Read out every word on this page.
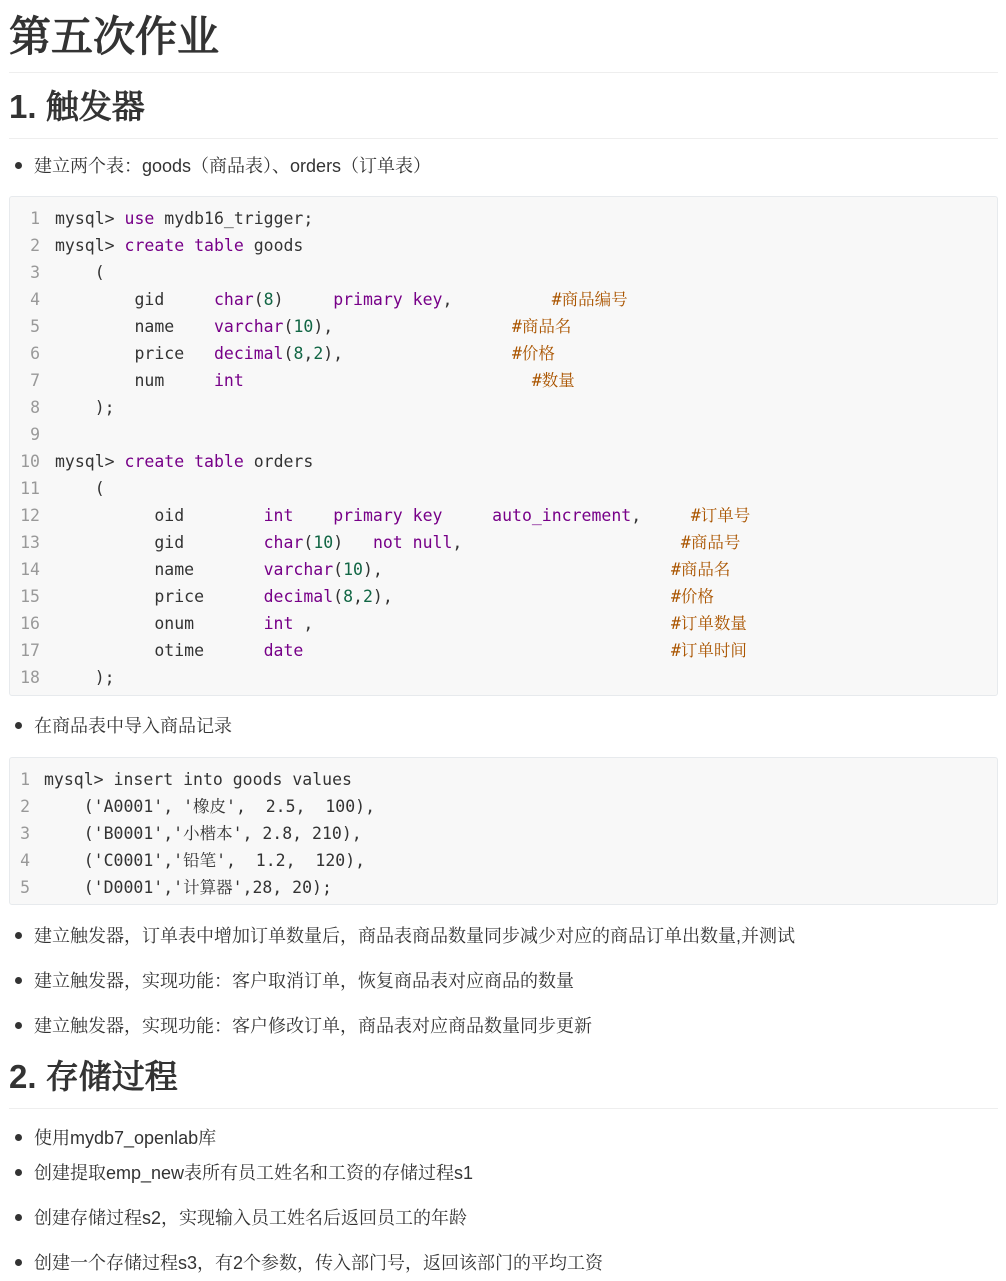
第五次作业
1. 触发器
建立两个表：goods（商品表）、orders（订单表）
1 mysql> use mydb16_trigger;
2 mysql> create table goods
3 (
4 gid     char(8)     primary key,          #商品编号
5 name    varchar(10),                  #商品名
6 price   decimal(8,2),                 #价格
7 num     int	#数量
8 );
9
10 mysql> create table orders
11 (
12 oid        int primary key	auto_increment,     #订单号
13 gid        char(10)   not null,                      #商品号
14 name       varchar(10),                             #商品名
15 price      decimal(8,2),                            #价格
16 onum       int ,                                    #订单数量
17 otime      date	#订单时间
18 );
在商品表中导入商品记录
1 mysql> insert into goods values
2 ('A0001', '橡皮',  2.5,  100),
3 ('B0001','小楷本', 2.8, 210),
4 ('C0001','铅笔',  1.2,  120),
5 ('D0001','计算器',28, 20);
建立触发器，订单表中增加订单数量后，商品表商品数量同步减少对应的商品订单出数量,并测试
建立触发器，实现功能：客户取消订单，恢复商品表对应商品的数量
建立触发器，实现功能：客户修改订单，商品表对应商品数量同步更新
2. 存储过程
使用mydb7_openlab库
创建提取emp_new表所有员工姓名和工资的存储过程s1
创建存储过程s2，实现输入员工姓名后返回员工的年龄
创建一个存储过程s3，有2个参数，传入部门号，返回该部门的平均工资
